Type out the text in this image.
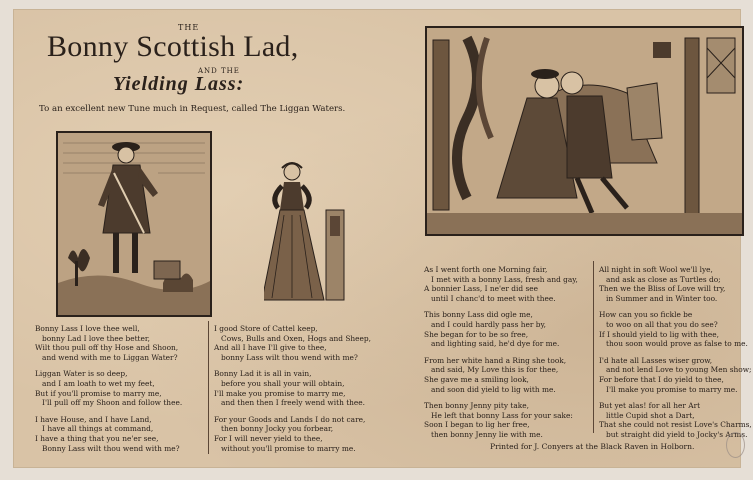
THE
Bonny Scottish Lad,
AND THE
Yielding Lass:
To an excellent new Tune much in Request, called The Liggan Waters.

Bonny Lass I love thee well,
bonny Lad I love thee better,
Wilt thou pull off thy Hose and Shoon,
and wend with me to Liggan Water?

Liggan Water is so deep,
and I am loath to wet my feet,
But if you'll promise to marry me,
I'll pull off my Shoon and follow thee.

I have House, and I have Land,
I have all things at command,
I have a thing that you ne'er see,
Bonny Lass wilt thou wend with me?

I good Store of Cattel keep,
Cows, Bulls and Oxen, Hogs and Sheep,
And all I have I'll give to thee,
bonny Lass wilt thou wend with me?

Bonny Lad it is all in vain,
before you shall your will obtain,
I'll make you promise to marry me,
and then then I freely wend with thee.

For your Goods and Lands I do not care,
then bonny Jocky you forbear,
For I will never yield to thee,
without you'll promise to marry me.

As I went forth one Morning fair,
I met with a bonny Lass, fresh and gay,
A bonnier Lass, I ne'er did see
until I chanc'd to meet with thee.

This bonny Lass did ogle me,
and I could hardly pass her by,
She began for to be so free,
and lighting said, he'd dye for me.

From her white hand a Ring she took,
and said, My Love this is for thee,
She gave me a smiling look,
and soon did yield to lig with me.

Then bonny Jenny pity take,
He left that bonny Lass for your sake:
Soon I began to lig her free,
then bonny Jenny lie with me.

All night in soft Wool we'll lye,
and ask as close as Turtles do;
Then we the Bliss of Love will try,
in Summer and in Winter too.

How can you so fickle be
to woo on all that you do see?
If I should yield to lig with thee,
thou soon would prove as false to me.

I'd hate all Lasses wiser grow,
and not lend Love to young Men show;
For before that I do yield to thee,
I'll make you promise to marry me.

But yet alas! for all her Art
little Cupid shot a Dart,
That she could not resist Love's Charms,
but straight did yield to Jocky's Arms.

Printed for J. Conyers at the Black Raven in Holborn.
